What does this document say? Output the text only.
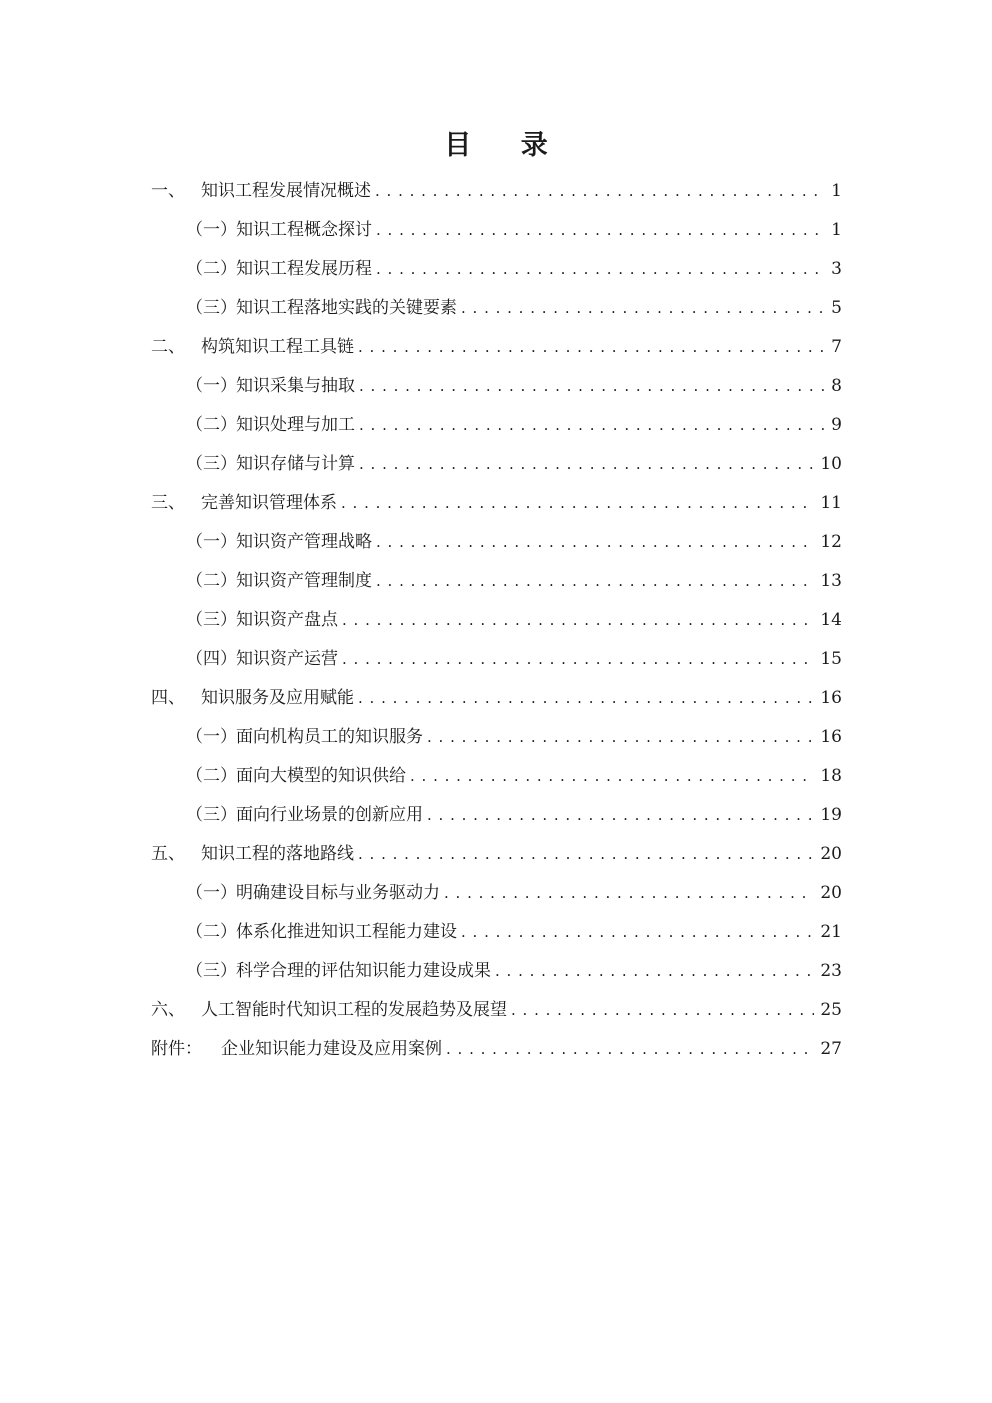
目 录
一、 知识工程发展情况概述 . . .	1
（一） 知识工程概念探讨 . . .	1
（二） 知识工程发展历程 . . .	3
（三） 知识工程落地实践的关键要素 . . .	5
二、 构筑知识工程工具链 . . .	7
（一） 知识采集与抽取 . . .	8
（二） 知识处理与加工 . . .	9
（三） 知识存储与计算 . . .	10
三、 完善知识管理体系 . . .	11
（一） 知识资产管理战略 . . .	12
（二） 知识资产管理制度 . . .	13
（三） 知识资产盘点 . . .	14
（四） 知识资产运营 . . .	15
四、 知识服务及应用赋能 . . .	16
（一） 面向机构员工的知识服务 . . .	16
（二） 面向大模型的知识供给 . . .	18
（三） 面向行业场景的创新应用 . . .	19
五、 知识工程的落地路线 . . .	20
（一） 明确建设目标与业务驱动力 . . .	20
（二） 体系化推进知识工程能力建设 . . .	21
（三） 科学合理的评估知识能力建设成果 . . .	23
六、 人工智能时代知识工程的发展趋势及展望 . . .	25
附件：	企业知识能力建设及应用案例 . . .	27
